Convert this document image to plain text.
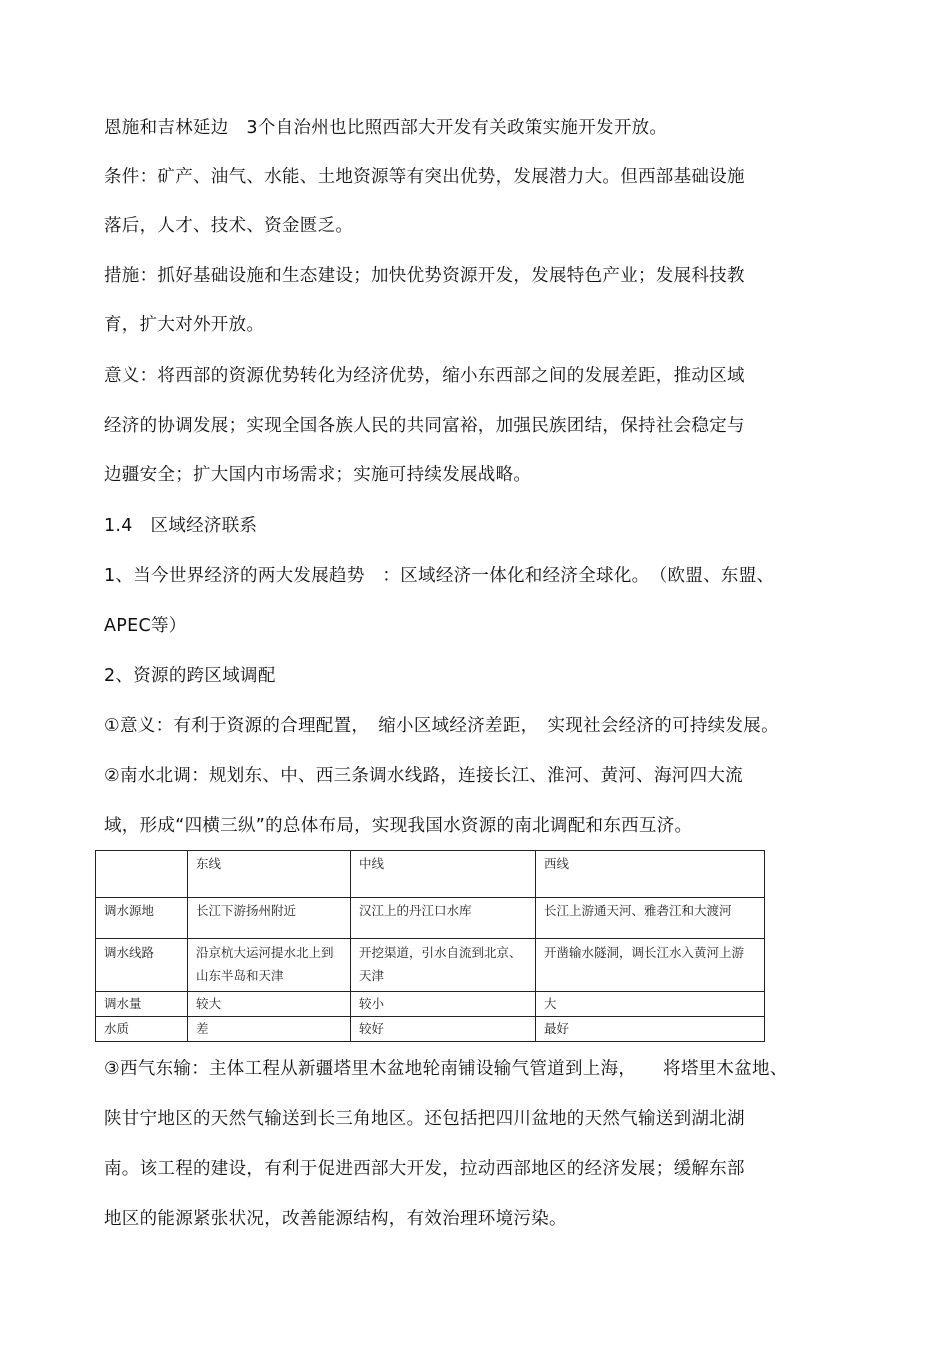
恩施和吉林延边　3个自治州也比照西部大开发有关政策实施开发开放。
条件：矿产、油气、水能、土地资源等有突出优势，发展潜力大。但西部基础设施
落后，人才、技术、资金匮乏。
措施：抓好基础设施和生态建设；加快优势资源开发，发展特色产业；发展科技教
育，扩大对外开放。
意义：将西部的资源优势转化为经济优势，缩小东西部之间的发展差距，推动区域
经济的协调发展；实现全国各族人民的共同富裕，加强民族团结，保持社会稳定与
边疆安全；扩大国内市场需求；实施可持续发展战略。
1.4　区域经济联系
1、当今世界经济的两大发展趋势　：区域经济一体化和经济全球化。　（欧盟、东盟、
APEC等）
2、资源的跨区域调配
①意义：有利于资源的合理配置，　缩小区域经济差距，　实现社会经济的可持续发展。
②南水北调：规划东、中、西三条调水线路，连接长江、淮河、黄河、海河四大流
域，形成“四横三纵”的总体布局，实现我国水资源的南北调配和东西互济。
	东线	中线	西线
调水源地	长江下游扬州附近	汉江上的丹江口水库	长江上游通天河、雅砻江和大渡河
调水线路	沿京杭大运河提水北上到山东半岛和天津	开挖渠道，引水自流到北京、天津	开凿输水隧洞，调长江水入黄河上游
调水量	较大	较小	大
水质	差	较好	最好
③西气东输：主体工程从新疆塔里木盆地轮南铺设输气管道到上海，　　将塔里木盆地、
陕甘宁地区的天然气输送到长三角地区。还包括把四川盆地的天然气输送到湖北湖
南。该工程的建设，有利于促进西部大开发，拉动西部地区的经济发展；缓解东部
地区的能源紧张状况，改善能源结构，有效治理环境污染。
